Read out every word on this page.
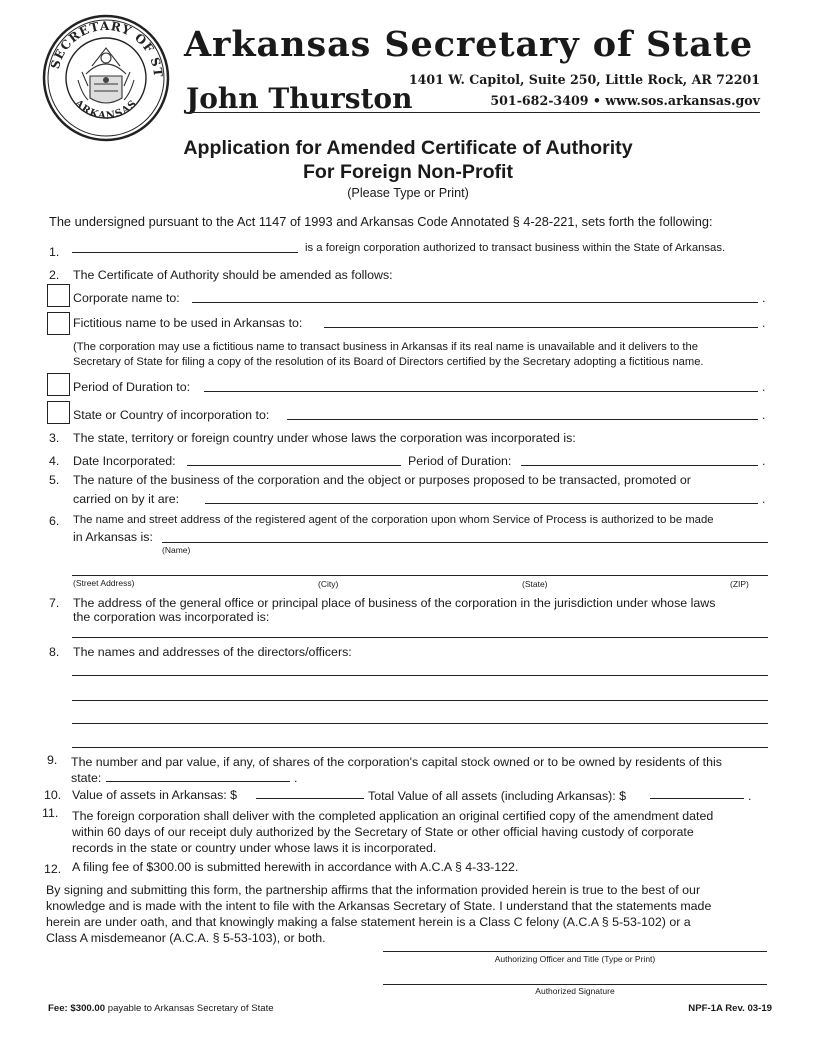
SECRETARY OF ST
ARKANSAS
Arkansas Secretary of State
John Thurston
1401 W. Capitol, Suite 250, Little Rock, AR 72201
501-682-3409 • www.sos.arkansas.gov
Application for Amended Certificate of Authority
For Foreign Non-Profit
(Please Type or Print)
The undersigned pursuant to the Act 1147 of 1993 and Arkansas Code Annotated § 4-28-221, sets forth the following:
1.	is a foreign corporation authorized to transact business within the State of Arkansas.
2. The Certificate of Authority should be amended as follows:
Corporate name to:	.
Fictitious name to be used in Arkansas to:	.
(The corporation may use a fictitious name to transact business in Arkansas if its real name is unavailable and it delivers to the
Secretary of State for filing a copy of the resolution of its Board of Directors certified by the Secretary adopting a fictitious name.
Period of Duration to:	.
State or Country of incorporation to:	.
3. The state, territory or foreign country under whose laws the corporation was incorporated is:
4. Date Incorporated:	Period of Duration:	.
5. The nature of the business of the corporation and the object or purposes proposed to be transacted, promoted or
carried on by it are:	.
6. The name and street address of the registered agent of the corporation upon whom Service of Process is authorized to be made
in Arkansas is:
(Name)
(Street Address)	(City)	(State)	(ZIP)
7. The address of the general office or principal place of business of the corporation in the jurisdiction under whose laws
the corporation was incorporated is:
8. The names and addresses of the directors/officers:
9. The number and par value, if any, of shares of the corporation's capital stock owned or to be owned by residents of this
state:	.
10. Value of assets in Arkansas: $	Total Value of all assets (including Arkansas): $	.
11. The foreign corporation shall deliver with the completed application an original certified copy of the amendment dated
within 60 days of our receipt duly authorized by the Secretary of State or other official having custody of corporate
records in the state or country under whose laws it is incorporated.
12. A filing fee of $300.00 is submitted herewith in accordance with A.C.A § 4-33-122.
By signing and submitting this form, the partnership affirms that the information provided herein is true to the best of our
knowledge and is made with the intent to file with the Arkansas Secretary of State. I understand that the statements made
herein are under oath, and that knowingly making a false statement herein is a Class C felony (A.C.A § 5-53-102) or a
Class A misdemeanor (A.C.A. § 5-53-103), or both.
Authorizing Officer and Title (Type or Print)
Authorized Signature
Fee: $300.00 payable to Arkansas Secretary of State	NPF-1A Rev. 03-19
